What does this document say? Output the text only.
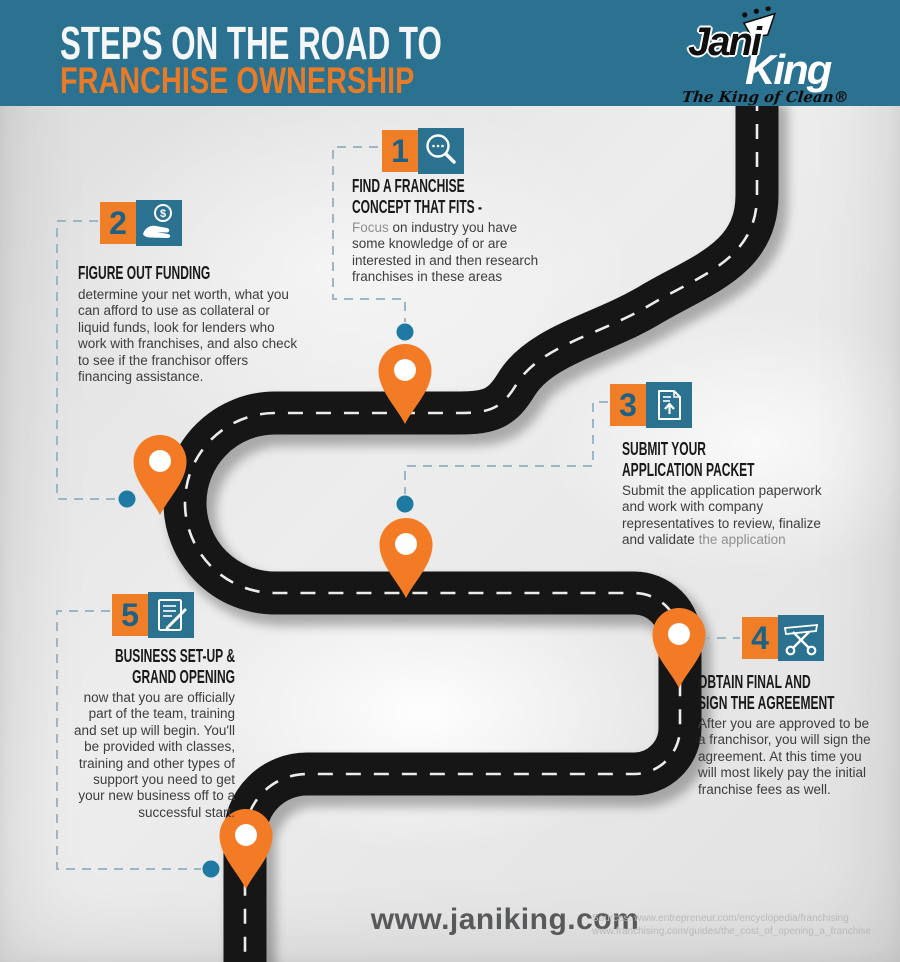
STEPS ON THE ROAD TO
FRANCHISE OWNERSHIP
Jani
King
The King of Clean®
1
FIND A FRANCHISE
CONCEPT THAT FITS -
Focus on industry you have
some knowledge of or are
interested in and then research
franchises in these areas
2	$
FIGURE OUT FUNDING
determine your net worth, what you
can afford to use as collateral or
liquid funds, look for lenders who
work with franchises, and also check
to see if the franchisor offers
financing assistance.
3
SUBMIT YOUR
APPLICATION PACKET
Submit the application paperwork
and work with company
representatives to review, finalize
and validate the application
4
OBTAIN FINAL AND
SIGN THE AGREEMENT
After you are approved to be
a franchisor, you will sign the
agreement. At this time you
will most likely pay the initial
franchise fees as well.
5
BUSINESS SET-UP &
GRAND OPENING
now that you are officially
part of the team, training
and set up will begin. You'll
be provided with classes,
training and other types of
support you need to get
your new business off to a
successful start.
www.janiking.com
Sources: www.entrepreneur.com/encyclopedia/franchising
www.franchising.com/guides/the_cost_of_opening_a_franchise
